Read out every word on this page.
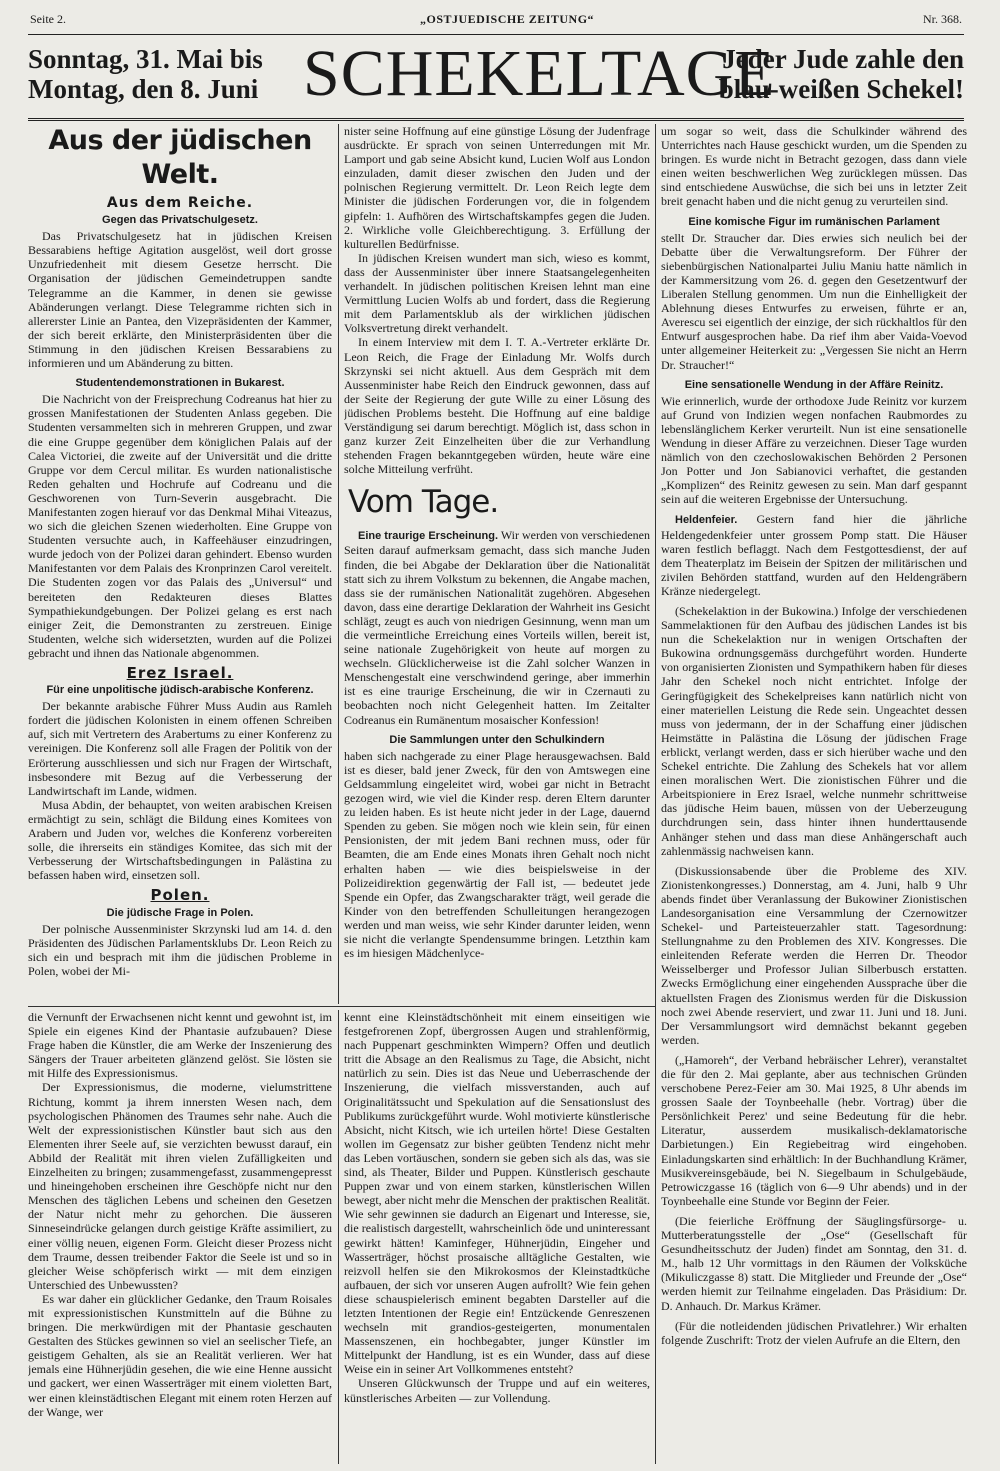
Seite 2.	„OSTJUEDISCHE ZEITUNG“	Nr. 368.
Sonntag, 31. Mai bis
Montag, den 8. Juni SCHEKELTAGE
Jeder Jude zahle den
blau-weißen Schekel!
Aus der jüdischen Welt.
Aus dem Reiche.
Gegen das Privatschulgesetz.

Das Privatschulgesetz hat in jüdischen Kreisen Bessarabiens heftige Agitation ausgelöst, weil dort grosse Unzufriedenheit mit diesem Gesetze herrscht. Die Organisation der jüdischen Gemeindetruppen sandte Telegramme an die Kammer, in denen sie gewisse Abänderungen verlangt. Diese Telegramme richten sich in allererster Linie an Pantea, den Vizepräsidenten der Kammer, der sich bereit erklärte, den Ministerpräsidenten über die Stimmung in den jüdischen Kreisen Bessarabiens zu informieren und um Abänderung zu bitten.

Studentendemonstrationen in Bukarest.

Die Nachricht von der Freisprechung Codreanus hat hier zu grossen Manifestationen der Studenten Anlass gegeben. Die Studenten versammelten sich in mehreren Gruppen, und zwar die eine Gruppe gegenüber dem königlichen Palais auf der Calea Victoriei, die zweite auf der Universität und die dritte Gruppe vor dem Cercul militar. Es wurden nationalistische Reden gehalten und Hochrufe auf Codreanu und die Geschworenen von Turn-Severin ausgebracht. Die Manifestanten zogen hierauf vor das Denkmal Mihai Viteazus, wo sich die gleichen Szenen wiederholten. Eine Gruppe von Studenten versuchte auch, in Kaffeehäuser einzudringen, wurde jedoch von der Polizei daran gehindert. Ebenso wurden Manifestanten vor dem Palais des Kronprinzen Carol vereitelt. Die Studenten zogen vor das Palais des „Universul“ und bereiteten den Redakteuren dieses Blattes Sympathiekundgebungen. Der Polizei gelang es erst nach einiger Zeit, die Demonstranten zu zerstreuen. Einige Studenten, welche sich widersetzten, wurden auf die Polizei gebracht und ihnen das Nationale abgenommen.

Erez Israel.
Für eine unpolitische jüdisch-arabische Konferenz.

Der bekannte arabische Führer Muss Audin aus Ramleh fordert die jüdischen Kolonisten in einem offenen Schreiben auf, sich mit Vertretern des Arabertums zu einer Konferenz zu vereinigen. Die Konferenz soll alle Fragen der Politik von der Erörterung ausschliessen und sich nur Fragen der Wirtschaft, insbesondere mit Bezug auf die Verbesserung der Landwirtschaft im Lande, widmen.

Musa Abdin, der behauptet, von weiten arabischen Kreisen ermächtigt zu sein, schlägt die Bildung eines Komitees von Arabern und Juden vor, welches die Konferenz vorbereiten solle, die ihrerseits ein ständiges Komitee, das sich mit der Verbesserung der Wirtschaftsbedingungen in Palästina zu befassen haben wird, einsetzen soll.

Polen.
Die jüdische Frage in Polen.

Der polnische Aussenminister Skrzynski lud am 14. d. den Präsidenten des Jüdischen Parlamentsklubs Dr. Leon Reich zu sich ein und besprach mit ihm die jüdischen Probleme in Polen, wobei der Mi-

nister seine Hoffnung auf eine günstige Lösung der Judenfrage ausdrückte. Er sprach von seinen Unterredungen mit Mr. Lamport und gab seine Absicht kund, Lucien Wolf aus London einzuladen, damit dieser zwischen den Juden und der polnischen Regierung vermittelt. Dr. Leon Reich legte dem Minister die jüdischen Forderungen vor, die in folgendem gipfeln: 1. Aufhören des Wirtschaftskampfes gegen die Juden. 2. Wirkliche volle Gleichberechtigung. 3. Erfüllung der kulturellen Bedürfnisse.

In jüdischen Kreisen wundert man sich, wieso es kommt, dass der Aussenminister über innere Staatsangelegenheiten verhandelt. In jüdischen politischen Kreisen lehnt man eine Vermittlung Lucien Wolfs ab und fordert, dass die Regierung mit dem Parlamentsklub als der wirklichen jüdischen Volksvertretung direkt verhandelt.

In einem Interview mit dem I. T. A.-Vertreter erklärte Dr. Leon Reich, die Frage der Einladung Mr. Wolfs durch Skrzynski sei nicht aktuell. Aus dem Gespräch mit dem Aussenminister habe Reich den Eindruck gewonnen, dass auf der Seite der Regierung der gute Wille zu einer Lösung des jüdischen Problems besteht. Die Hoffnung auf eine baldige Verständigung sei darum berechtigt. Möglich ist, dass schon in ganz kurzer Zeit Einzelheiten über die zur Verhandlung stehenden Fragen bekanntgegeben würden, heute wäre eine solche Mitteilung verfrüht.

Vom Tage.

Eine traurige Erscheinung. Wir werden von verschiedenen Seiten darauf aufmerksam gemacht, dass sich manche Juden finden, die bei Abgabe der Deklaration über die Nationalität statt sich zu ihrem Volkstum zu bekennen, die Angabe machen, dass sie der rumänischen Nationalität zugehören. Abgesehen davon, dass eine derartige Deklaration der Wahrheit ins Gesicht schlägt, zeugt es auch von niedrigen Gesinnung, wenn man um die vermeintliche Erreichung eines Vorteils willen, bereit ist, seine nationale Zugehörigkeit von heute auf morgen zu wechseln. Glücklicherweise ist die Zahl solcher Wanzen in Menschengestalt eine verschwindend geringe, aber immerhin ist es eine traurige Erscheinung, die wir in Czernauti zu beobachten noch nicht Gelegenheit hatten. Im Zeitalter Codreanus ein Rumänentum mosaischer Konfession!

Die Sammlungen unter den Schulkindern

haben sich nachgerade zu einer Plage herausgewachsen. Bald ist es dieser, bald jener Zweck, für den von Amtswegen eine Geldsammlung eingeleitet wird, wobei gar nicht in Betracht gezogen wird, wie viel die Kinder resp. deren Eltern darunter zu leiden haben. Es ist heute nicht jeder in der Lage, dauernd Spenden zu geben. Sie mögen noch wie klein sein, für einen Pensionisten, der mit jedem Bani rechnen muss, oder für Beamten, die am Ende eines Monats ihren Gehalt noch nicht erhalten haben — wie dies beispielsweise in der Polizeidirektion gegenwärtig der Fall ist, — bedeutet jede Spende ein Opfer, das Zwangscharakter trägt, weil gerade die Kinder von den betreffenden Schulleitungen herangezogen werden und man weiss, wie sehr Kinder darunter leiden, wenn sie nicht die verlangte Spendensumme bringen. Letzthin kam es im hiesigen Mädchenlyce-

um sogar so weit, dass die Schulkinder während des Unterrichtes nach Hause geschickt wurden, um die Spenden zu bringen. Es wurde nicht in Betracht gezogen, dass dann viele einen weiten beschwerlichen Weg zurücklegen müssen. Das sind entschiedene Auswüchse, die sich bei uns in letzter Zeit breit genacht haben und die nicht genug zu verurteilen sind.

Eine komische Figur im rumänischen Parlament

stellt Dr. Straucher dar. Dies erwies sich neulich bei der Debatte über die Verwaltungsreform. Der Führer der siebenbürgischen Nationalpartei Juliu Maniu hatte nämlich in der Kammersitzung vom 26. d. gegen den Gesetzentwurf der Liberalen Stellung genommen. Um nun die Einhelligkeit der Ablehnung dieses Entwurfes zu erweisen, führte er an, Averescu sei eigentlich der einzige, der sich rückhaltlos für den Entwurf ausgesprochen habe. Da rief ihm aber Vaida-Voevod unter allgemeiner Heiterkeit zu: „Vergessen Sie nicht an Herrn Dr. Straucher!“

Eine sensationelle Wendung in der Affäre Reinitz.

Wie erinnerlich, wurde der orthodoxe Jude Reinitz vor kurzem auf Grund von Indizien wegen nonfachen Raubmordes zu lebenslänglichem Kerker verurteilt. Nun ist eine sensationelle Wendung in dieser Affäre zu verzeichnen. Dieser Tage wurden nämlich von den czechoslowakischen Behörden 2 Personen Jon Potter und Jon Sabianovici verhaftet, die gestanden „Komplizen“ des Reinitz gewesen zu sein. Man darf gespannt sein auf die weiteren Ergebnisse der Untersuchung.

Heldenfeier. Gestern fand hier die jährliche Heldengedenkfeier unter grossem Pomp statt. Die Häuser waren festlich beflaggt. Nach dem Festgottesdienst, der auf dem Theaterplatz im Beisein der Spitzen der militärischen und zivilen Behörden stattfand, wurden auf den Heldengräbern Kränze niedergelegt.

(Schekelaktion in der Bukowina.) Infolge der verschiedenen Sammelaktionen für den Aufbau des jüdischen Landes ist bis nun die Schekelaktion nur in wenigen Ortschaften der Bukowina ordnungsgemäss durchgeführt worden. Hunderte von organisierten Zionisten und Sympathikern haben für dieses Jahr den Schekel noch nicht entrichtet. Infolge der Geringfügigkeit des Schekelpreises kann natürlich nicht von einer materiellen Leistung die Rede sein. Ungeachtet dessen muss von jedermann, der in der Schaffung einer jüdischen Heimstätte in Palästina die Lösung der jüdischen Frage erblickt, verlangt werden, dass er sich hierüber wache und den Schekel entrichte. Die Zahlung des Schekels hat vor allem einen moralischen Wert. Die zionistischen Führer und die Arbeitspioniere in Erez Israel, welche nunmehr schrittweise das jüdische Heim bauen, müssen von der Ueberzeugung durchdrungen sein, dass hinter ihnen hunderttausende Anhänger stehen und dass man diese Anhängerschaft auch zahlenmässig nachweisen kann.

(Diskussionsabende über die Probleme des XIV. Zionistenkongresses.) Donnerstag, am 4. Juni, halb 9 Uhr abends findet über Veranlassung der Bukowiner Zionistischen Landesorganisation eine Versammlung der Czernowitzer Schekel- und Parteisteuerzahler statt. Tagesordnung: Stellungnahme zu den Problemen des XIV. Kongresses. Die einleitenden Referate werden die Herren Dr. Theodor Weisselberger und Professor Julian Silberbusch erstatten. Zwecks Ermöglichung einer eingehenden Aussprache über die aktuellsten Fragen des Zionismus werden für die Diskussion noch zwei Abende reserviert, und zwar 11. Juni und 18. Juni. Der Versammlungsort wird demnächst bekannt gegeben werden.

(„Hamoreh“, der Verband hebräischer Lehrer), veranstaltet die für den 2. Mai geplante, aber aus technischen Gründen verschobene Perez-Feier am 30. Mai 1925, 8 Uhr abends im grossen Saale der Toynbeehalle (hebr. Vortrag) über die Persönlichkeit Perez' und seine Bedeutung für die hebr. Literatur, ausserdem musikalisch-deklamatorische Darbietungen.) Ein Regiebeitrag wird eingehoben. Einladungskarten sind erhältlich: In der Buchhandlung Krämer, Musikvereinsgebäude, bei N. Siegelbaum in Schulgebäude, Petrowiczgasse 16 (täglich von 6—9 Uhr abends) und in der Toynbeehalle eine Stunde vor Beginn der Feier.

(Die feierliche Eröffnung der Säuglingsfürsorge- u. Mutterberatungsstelle der „Ose“ (Gesellschaft für Gesundheitsschutz der Juden) findet am Sonntag, den 31. d. M., halb 12 Uhr vormittags in den Räumen der Volksküche (Mikuliczgasse 8) statt. Die Mitglieder und Freunde der „Ose“ werden hiemit zur Teilnahme eingeladen. Das Präsidium: Dr. D. Anhauch. Dr. Markus Krämer.

(Für die notleidenden jüdischen Privatlehrer.) Wir erhalten folgende Zuschrift: Trotz der vielen Aufrufe an die Eltern, den

die Vernunft der Erwachsenen nicht kennt und gewohnt ist, im Spiele ein eigenes Kind der Phantasie aufzubauen? Diese Frage haben die Künstler, die am Werke der Inszenierung des Sängers der Trauer arbeiteten glänzend gelöst. Sie lösten sie mit Hilfe des Expressionismus.

Der Expressionismus, die moderne, vielumstrittene Richtung, kommt ja ihrem innersten Wesen nach, dem psychologischen Phänomen des Traumes sehr nahe. Auch die Welt der expressionistischen Künstler baut sich aus den Elementen ihrer Seele auf, sie verzichten bewusst darauf, ein Abbild der Realität mit ihren vielen Zufälligkeiten und Einzelheiten zu bringen; zusammengefasst, zusammengepresst und hineingehoben erscheinen ihre Geschöpfe nicht nur den Menschen des täglichen Lebens und scheinen den Gesetzen der Natur nicht mehr zu gehorchen. Die äusseren Sinneseindrücke gelangen durch geistige Kräfte assimiliert, zu einer völlig neuen, eigenen Form. Gleicht dieser Prozess nicht dem Traume, dessen treibender Faktor die Seele ist und so in gleicher Weise schöpferisch wirkt — mit dem einzigen Unterschied des Unbewussten?

Es war daher ein glücklicher Gedanke, den Traum Roisales mit expressionistischen Kunstmitteln auf die Bühne zu bringen. Die merkwürdigen mit der Phantasie geschauten Gestalten des Stückes gewinnen so viel an seelischer Tiefe, an geistigem Gehalten, als sie an Realität verlieren. Wer hat jemals eine Hühnerjüdin gesehen, die wie eine Henne aussicht und gackert, wer einen Wasserträger mit einem violetten Bart, wer einen kleinstädtischen Elegant mit einem roten Herzen auf der Wange, wer

kennt eine Kleinstädtschönheit mit einem einseitigen wie festgefrorenen Zopf, übergrossen Augen und strahlenförmig, nach Puppenart geschminkten Wimpern? Offen und deutlich tritt die Absage an den Realismus zu Tage, die Absicht, nicht natürlich zu sein. Dies ist das Neue und Ueberraschende der Inszenierung, die vielfach missverstanden, auch auf Originalitätssucht und Spekulation auf die Sensationslust des Publikums zurückgeführt wurde. Wohl motivierte künstlerische Absicht, nicht Kitsch, wie ich urteilen hörte! Diese Gestalten wollen im Gegensatz zur bisher geübten Tendenz nicht mehr das Leben vortäuschen, sondern sie geben sich als das, was sie sind, als Theater, Bilder und Puppen. Künstlerisch geschaute Puppen zwar und von einem starken, künstlerischen Willen bewegt, aber nicht mehr die Menschen der praktischen Realität. Wie sehr gewinnen sie dadurch an Eigenart und Interesse, sie, die realistisch dargestellt, wahrscheinlich öde und uninteressant gewirkt hätten! Kaminfeger, Hühnerjüdin, Eingeher und Wasserträger, höchst prosaische alltägliche Gestalten, wie reizvoll helfen sie den Mikrokosmos der Kleinstadtküche aufbauen, der sich vor unseren Augen aufrollt? Wie fein gehen diese schauspielerisch eminent begabten Darsteller auf die letzten Intentionen der Regie ein! Entzückende Genreszenen wechseln mit grandios-gesteigerten, monumentalen Massenszenen, ein hochbegabter, junger Künstler im Mittelpunkt der Handlung, ist es ein Wunder, dass auf diese Weise ein in seiner Art Vollkommenes entsteht?

Unseren Glückwunsch der Truppe und auf ein weiteres, künstlerisches Arbeiten — zur Vollendung.
